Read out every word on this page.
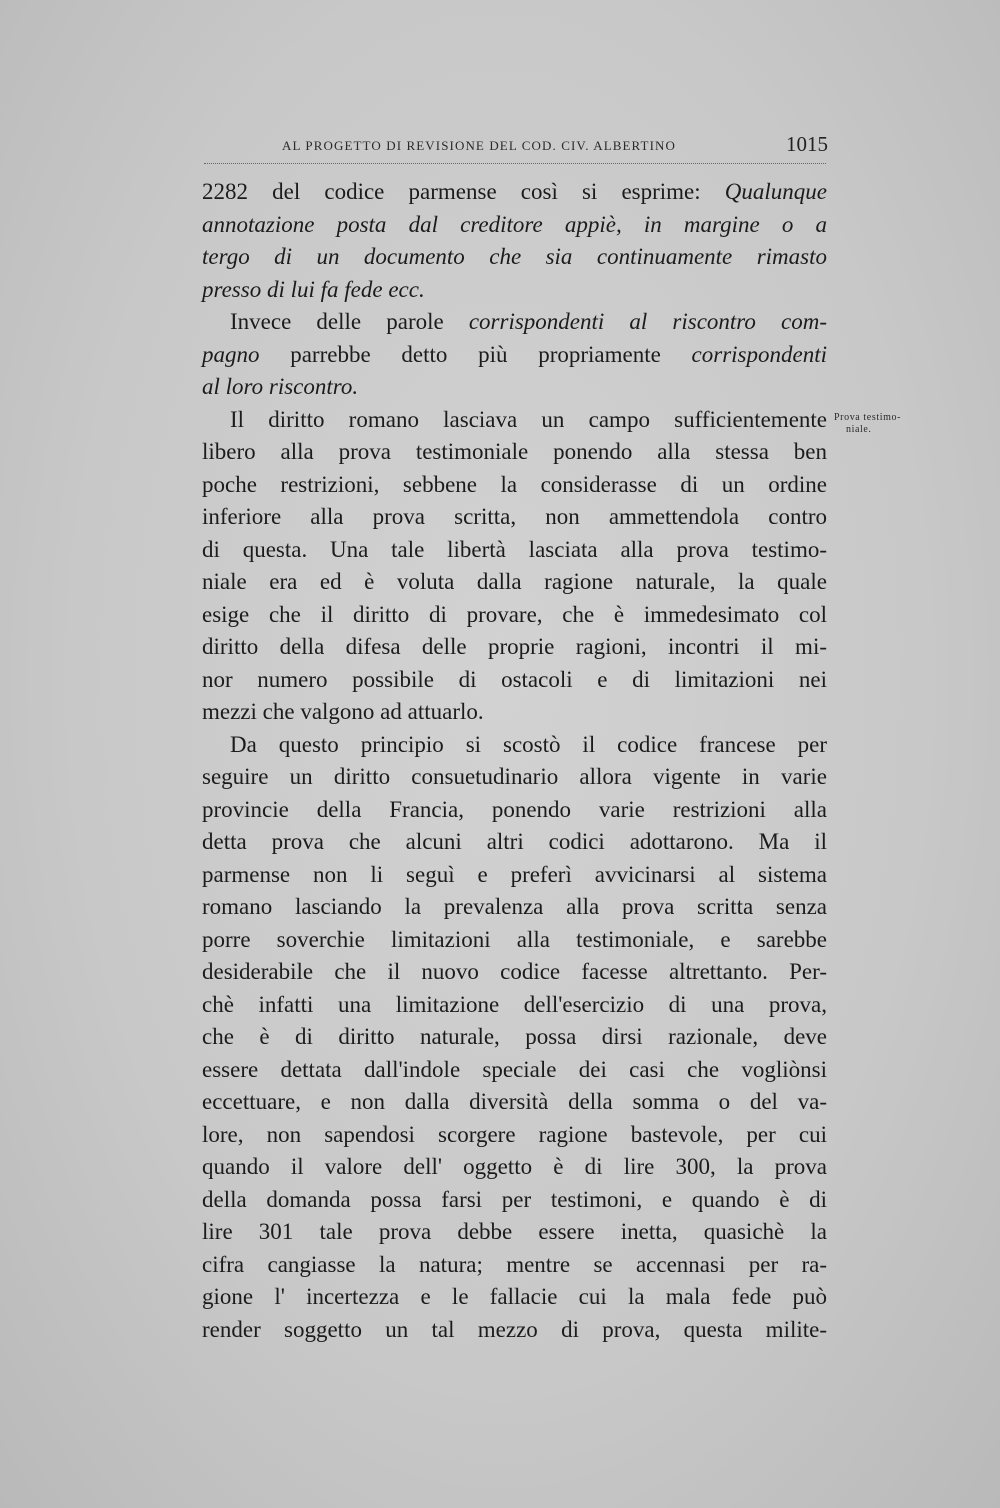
AL PROGETTO DI REVISIONE DEL COD. CIV. ALBERTINO	1015
Prova testimo-
niale.
2282 del codice parmense così si esprime: Qualunque
annotazione posta dal creditore appiè, in margine o a
tergo di un documento che sia continuamente rimasto
presso di lui fa fede ecc.
Invece delle parole corrispondenti al riscontro com-
pagno parrebbe detto più propriamente corrispondenti
al loro riscontro.
Il diritto romano lasciava un campo sufficientemente
libero alla prova testimoniale ponendo alla stessa ben
poche restrizioni, sebbene la considerasse di un ordine
inferiore alla prova scritta, non ammettendola contro
di questa. Una tale libertà lasciata alla prova testimo-
niale era ed è voluta dalla ragione naturale, la quale
esige che il diritto di provare, che è immedesimato col
diritto della difesa delle proprie ragioni, incontri il mi-
nor numero possibile di ostacoli e di limitazioni nei
mezzi che valgono ad attuarlo.
Da questo principio si scostò il codice francese per
seguire un diritto consuetudinario allora vigente in varie
provincie della Francia, ponendo varie restrizioni alla
detta prova che alcuni altri codici adottarono. Ma il
parmense non li seguì e preferì avvicinarsi al sistema
romano lasciando la prevalenza alla prova scritta senza
porre soverchie limitazioni alla testimoniale, e sarebbe
desiderabile che il nuovo codice facesse altrettanto. Per-
chè infatti una limitazione dell'esercizio di una prova,
che è di diritto naturale, possa dirsi razionale, deve
essere dettata dall'indole speciale dei casi che vogliònsi
eccettuare, e non dalla diversità della somma o del va-
lore, non sapendosi scorgere ragione bastevole, per cui
quando il valore dell' oggetto è di lire 300, la prova
della domanda possa farsi per testimoni, e quando è di
lire 301 tale prova debbe essere inetta, quasichè la
cifra cangiasse la natura; mentre se accennasi per ra-
gione l' incertezza e le fallacie cui la mala fede può
render soggetto un tal mezzo di prova, questa milite-
